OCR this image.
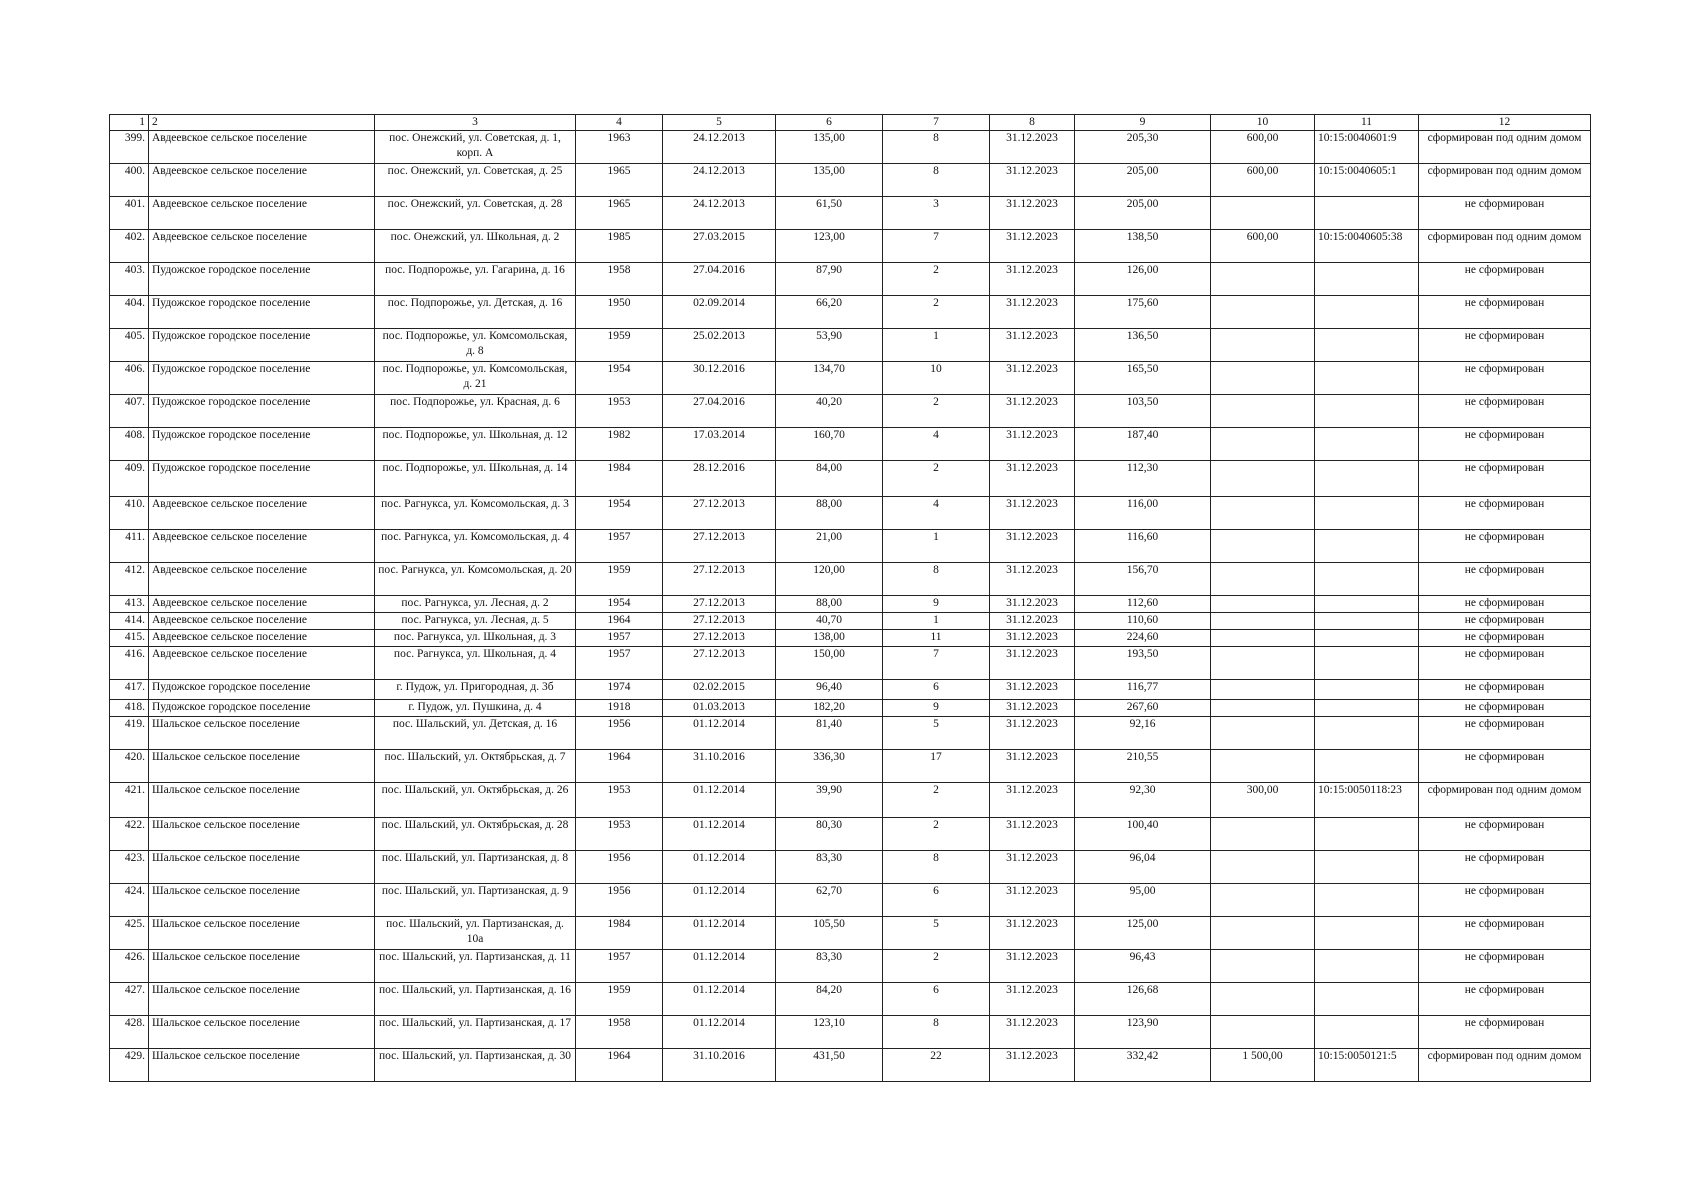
1	2	3	4	5	6	7	8	9	10	11	12
399.	Авдеевское сельское поселение	пос. Онежский, ул. Советская, д. 1, корп. А	1963	24.12.2013	135,00	8	31.12.2023	205,30	600,00	10:15:0040601:9	сформирован под одним домом
400.	Авдеевское сельское поселение	пос. Онежский, ул. Советская, д. 25	1965	24.12.2013	135,00	8	31.12.2023	205,00	600,00	10:15:0040605:1	сформирован под одним домом
401.	Авдеевское сельское поселение	пос. Онежский, ул. Советская, д. 28	1965	24.12.2013	61,50	3	31.12.2023	205,00			не сформирован
402.	Авдеевское сельское поселение	пос. Онежский, ул. Школьная, д. 2	1985	27.03.2015	123,00	7	31.12.2023	138,50	600,00	10:15:0040605:38	сформирован под одним домом
403.	Пудожское городское поселение	пос. Подпорожье, ул. Гагарина, д. 16	1958	27.04.2016	87,90	2	31.12.2023	126,00			не сформирован
404.	Пудожское городское поселение	пос. Подпорожье, ул. Детская, д. 16	1950	02.09.2014	66,20	2	31.12.2023	175,60			не сформирован
405.	Пудожское городское поселение	пос. Подпорожье, ул. Комсомольская, д. 8	1959	25.02.2013	53,90	1	31.12.2023	136,50			не сформирован
406.	Пудожское городское поселение	пос. Подпорожье, ул. Комсомольская, д. 21	1954	30.12.2016	134,70	10	31.12.2023	165,50			не сформирован
407.	Пудожское городское поселение	пос. Подпорожье, ул. Красная, д. 6	1953	27.04.2016	40,20	2	31.12.2023	103,50			не сформирован
408.	Пудожское городское поселение	пос. Подпорожье, ул. Школьная, д. 12	1982	17.03.2014	160,70	4	31.12.2023	187,40			не сформирован
409.	Пудожское городское поселение	пос. Подпорожье, ул. Школьная, д. 14	1984	28.12.2016	84,00	2	31.12.2023	112,30			не сформирован
410.	Авдеевское сельское поселение	пос. Рагнукса, ул. Комсомольская, д. 3	1954	27.12.2013	88,00	4	31.12.2023	116,00			не сформирован
411.	Авдеевское сельское поселение	пос. Рагнукса, ул. Комсомольская, д. 4	1957	27.12.2013	21,00	1	31.12.2023	116,60			не сформирован
412.	Авдеевское сельское поселение	пос. Рагнукса, ул. Комсомольская, д. 20	1959	27.12.2013	120,00	8	31.12.2023	156,70			не сформирован
413.	Авдеевское сельское поселение	пос. Рагнукса, ул. Лесная, д. 2	1954	27.12.2013	88,00	9	31.12.2023	112,60			не сформирован
414.	Авдеевское сельское поселение	пос. Рагнукса, ул. Лесная, д. 5	1964	27.12.2013	40,70	1	31.12.2023	110,60			не сформирован
415.	Авдеевское сельское поселение	пос. Рагнукса, ул. Школьная, д. 3	1957	27.12.2013	138,00	11	31.12.2023	224,60			не сформирован
416.	Авдеевское сельское поселение	пос. Рагнукса, ул. Школьная, д. 4	1957	27.12.2013	150,00	7	31.12.2023	193,50			не сформирован
417.	Пудожское городское поселение	г. Пудож, ул. Пригородная, д. 3б	1974	02.02.2015	96,40	6	31.12.2023	116,77			не сформирован
418.	Пудожское городское поселение	г. Пудож, ул. Пушкина, д. 4	1918	01.03.2013	182,20	9	31.12.2023	267,60			не сформирован
419.	Шальское сельское поселение	пос. Шальский, ул. Детская, д. 16	1956	01.12.2014	81,40	5	31.12.2023	92,16			не сформирован
420.	Шальское сельское поселение	пос. Шальский, ул. Октябрьская, д. 7	1964	31.10.2016	336,30	17	31.12.2023	210,55			не сформирован
421.	Шальское сельское поселение	пос. Шальский, ул. Октябрьская, д. 26	1953	01.12.2014	39,90	2	31.12.2023	92,30	300,00	10:15:0050118:23	сформирован под одним домом
422.	Шальское сельское поселение	пос. Шальский, ул. Октябрьская, д. 28	1953	01.12.2014	80,30	2	31.12.2023	100,40			не сформирован
423.	Шальское сельское поселение	пос. Шальский, ул. Партизанская, д. 8	1956	01.12.2014	83,30	8	31.12.2023	96,04			не сформирован
424.	Шальское сельское поселение	пос. Шальский, ул. Партизанская, д. 9	1956	01.12.2014	62,70	6	31.12.2023	95,00			не сформирован
425.	Шальское сельское поселение	пос. Шальский, ул. Партизанская, д. 10а	1984	01.12.2014	105,50	5	31.12.2023	125,00			не сформирован
426.	Шальское сельское поселение	пос. Шальский, ул. Партизанская, д. 11	1957	01.12.2014	83,30	2	31.12.2023	96,43			не сформирован
427.	Шальское сельское поселение	пос. Шальский, ул. Партизанская, д. 16	1959	01.12.2014	84,20	6	31.12.2023	126,68			не сформирован
428.	Шальское сельское поселение	пос. Шальский, ул. Партизанская, д. 17	1958	01.12.2014	123,10	8	31.12.2023	123,90			не сформирован
429.	Шальское сельское поселение	пос. Шальский, ул. Партизанская, д. 30	1964	31.10.2016	431,50	22	31.12.2023	332,42	1 500,00	10:15:0050121:5	сформирован под одним домом
